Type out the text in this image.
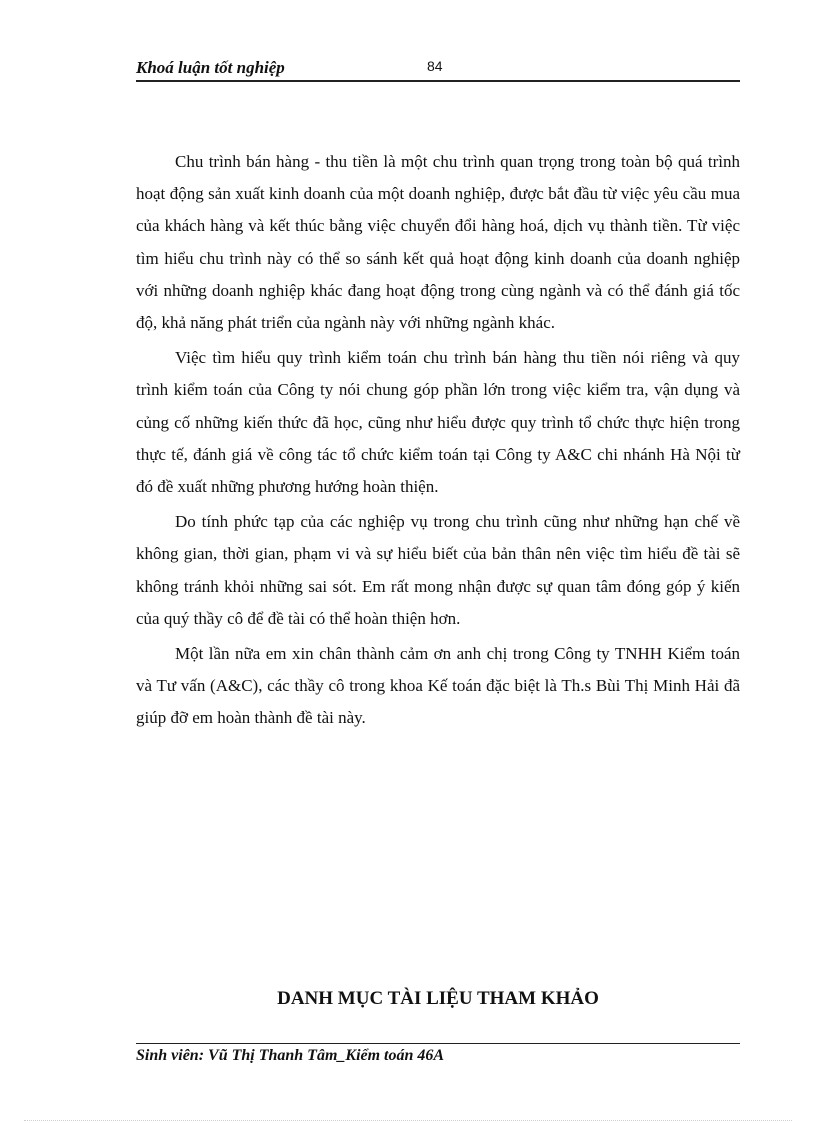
Khoá luận tốt nghiệp	84

Chu trình bán hàng - thu tiền là một chu trình quan trọng trong toàn bộ quá trình hoạt động sản xuất kinh doanh của một doanh nghiệp, được bắt đầu từ việc yêu cầu mua của khách hàng và kết thúc bằng việc chuyển đổi hàng hoá, dịch vụ thành tiền. Từ việc tìm hiểu chu trình này có thể so sánh kết quả hoạt động kinh doanh của doanh nghiệp với những doanh nghiệp khác đang hoạt động trong cùng ngành và có thể đánh giá tốc độ, khả năng phát triển của ngành này với những ngành khác.

Việc tìm hiểu quy trình kiểm toán chu trình bán hàng thu tiền nói riêng và quy trình kiểm toán của Công ty nói chung góp phần lớn trong việc kiểm tra, vận dụng và củng cố những kiến thức đã học, cũng như hiểu được quy trình tổ chức thực hiện trong thực tế, đánh giá về công tác tổ chức kiểm toán tại Công ty A&C chi nhánh Hà Nội từ đó đề xuất những phương hướng hoàn thiện.

Do tính phức tạp của các nghiệp vụ trong chu trình cũng như những hạn chế về không gian, thời gian, phạm vi và sự hiểu biết của bản thân nên việc tìm hiểu đề tài sẽ không tránh khỏi những sai sót. Em rất mong nhận được sự quan tâm đóng góp ý kiến của quý thầy cô để đề tài có thể hoàn thiện hơn.

Một lần nữa em xin chân thành cảm ơn anh chị trong Công ty TNHH Kiểm toán và Tư vấn (A&C), các thầy cô trong khoa Kế toán đặc biệt là Th.s Bùi Thị Minh Hải đã giúp đỡ em hoàn thành đề tài này.

DANH MỤC TÀI LIỆU THAM KHẢO
Sinh viên: Vũ Thị Thanh Tâm_Kiểm toán 46A
